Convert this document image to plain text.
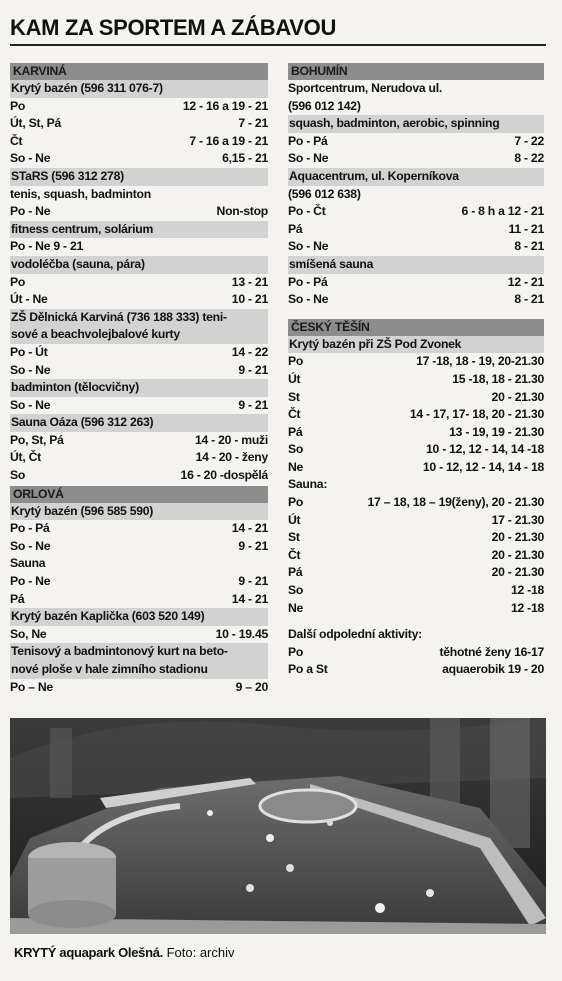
KAM ZA SPORTEM A ZÁBAVOU
KARVINÁ
Krytý bazén (596 311 076-7)
Po	12 - 16 a 19 - 21
Út, St, Pá	7 - 21
Čt	7 - 16 a 19 - 21
So - Ne	6,15 - 21
STaRS (596 312 278)
tenis, squash, badminton
Po - Ne	Non-stop
fitness centrum, solárium
Po - Ne 9 - 21
vodoléčba (sauna, pára)
Po	13 - 21
Út - Ne	10 - 21
ZŠ Dělnická Karviná (736 188 333) teni-
sové a beachvolejbalové kurty
Po - Út	14 - 22
So - Ne	9 - 21
badminton (tělocvičny)
So - Ne	9 - 21
Sauna Oáza (596 312 263)
Po, St, Pá	14 - 20 - muži
Út, Čt	14 - 20 - ženy
So	16 - 20 -dospělá
ORLOVÁ
Krytý bazén (596 585 590)
Po - Pá	14 - 21
So - Ne	9 - 21
Sauna
Po - Ne	9 - 21
Pá	14 - 21
Krytý bazén Kaplička (603 520 149)
So, Ne	10 - 19.45
Tenisový a badmintonový kurt na beto-
nové ploše v hale zimního stadionu
Po – Ne	9 – 20
BOHUMÍN
Sportcentrum, Nerudova ul.
(596 012 142)
squash, badminton, aerobic, spinning
Po - Pá	7 - 22
So - Ne	8 - 22
Aquacentrum, ul. Koperníkova
(596 012 638)
Po - Čt	6 - 8 h a 12 - 21
Pá	11 - 21
So - Ne	8 - 21
smíšená sauna
Po - Pá	12 - 21
So - Ne	8 - 21
ČESKÝ TĚŠÍN
Krytý bazén při ZŠ Pod Zvonek
Po	17 -18, 18 - 19, 20-21.30
Út	15 -18, 18 - 21.30
St	20 - 21.30
Čt	14 - 17, 17- 18, 20 - 21.30
Pá	13 - 19, 19 - 21.30
So	10 - 12, 12 - 14, 14 -18
Ne	10 - 12, 12 - 14, 14 - 18
Sauna:
Po	17 – 18, 18 – 19(ženy), 20 - 21.30
Út	17 - 21.30
St	20 - 21.30
Čt	20 - 21.30
Pá	20 - 21.30
So	12 -18
Ne	12 -18
Další odpolední aktivity:
Po	těhotné ženy 16-17
Po a St	aquaerobik 19 - 20
KRYTÝ aquapark Olešná. Foto: archiv
